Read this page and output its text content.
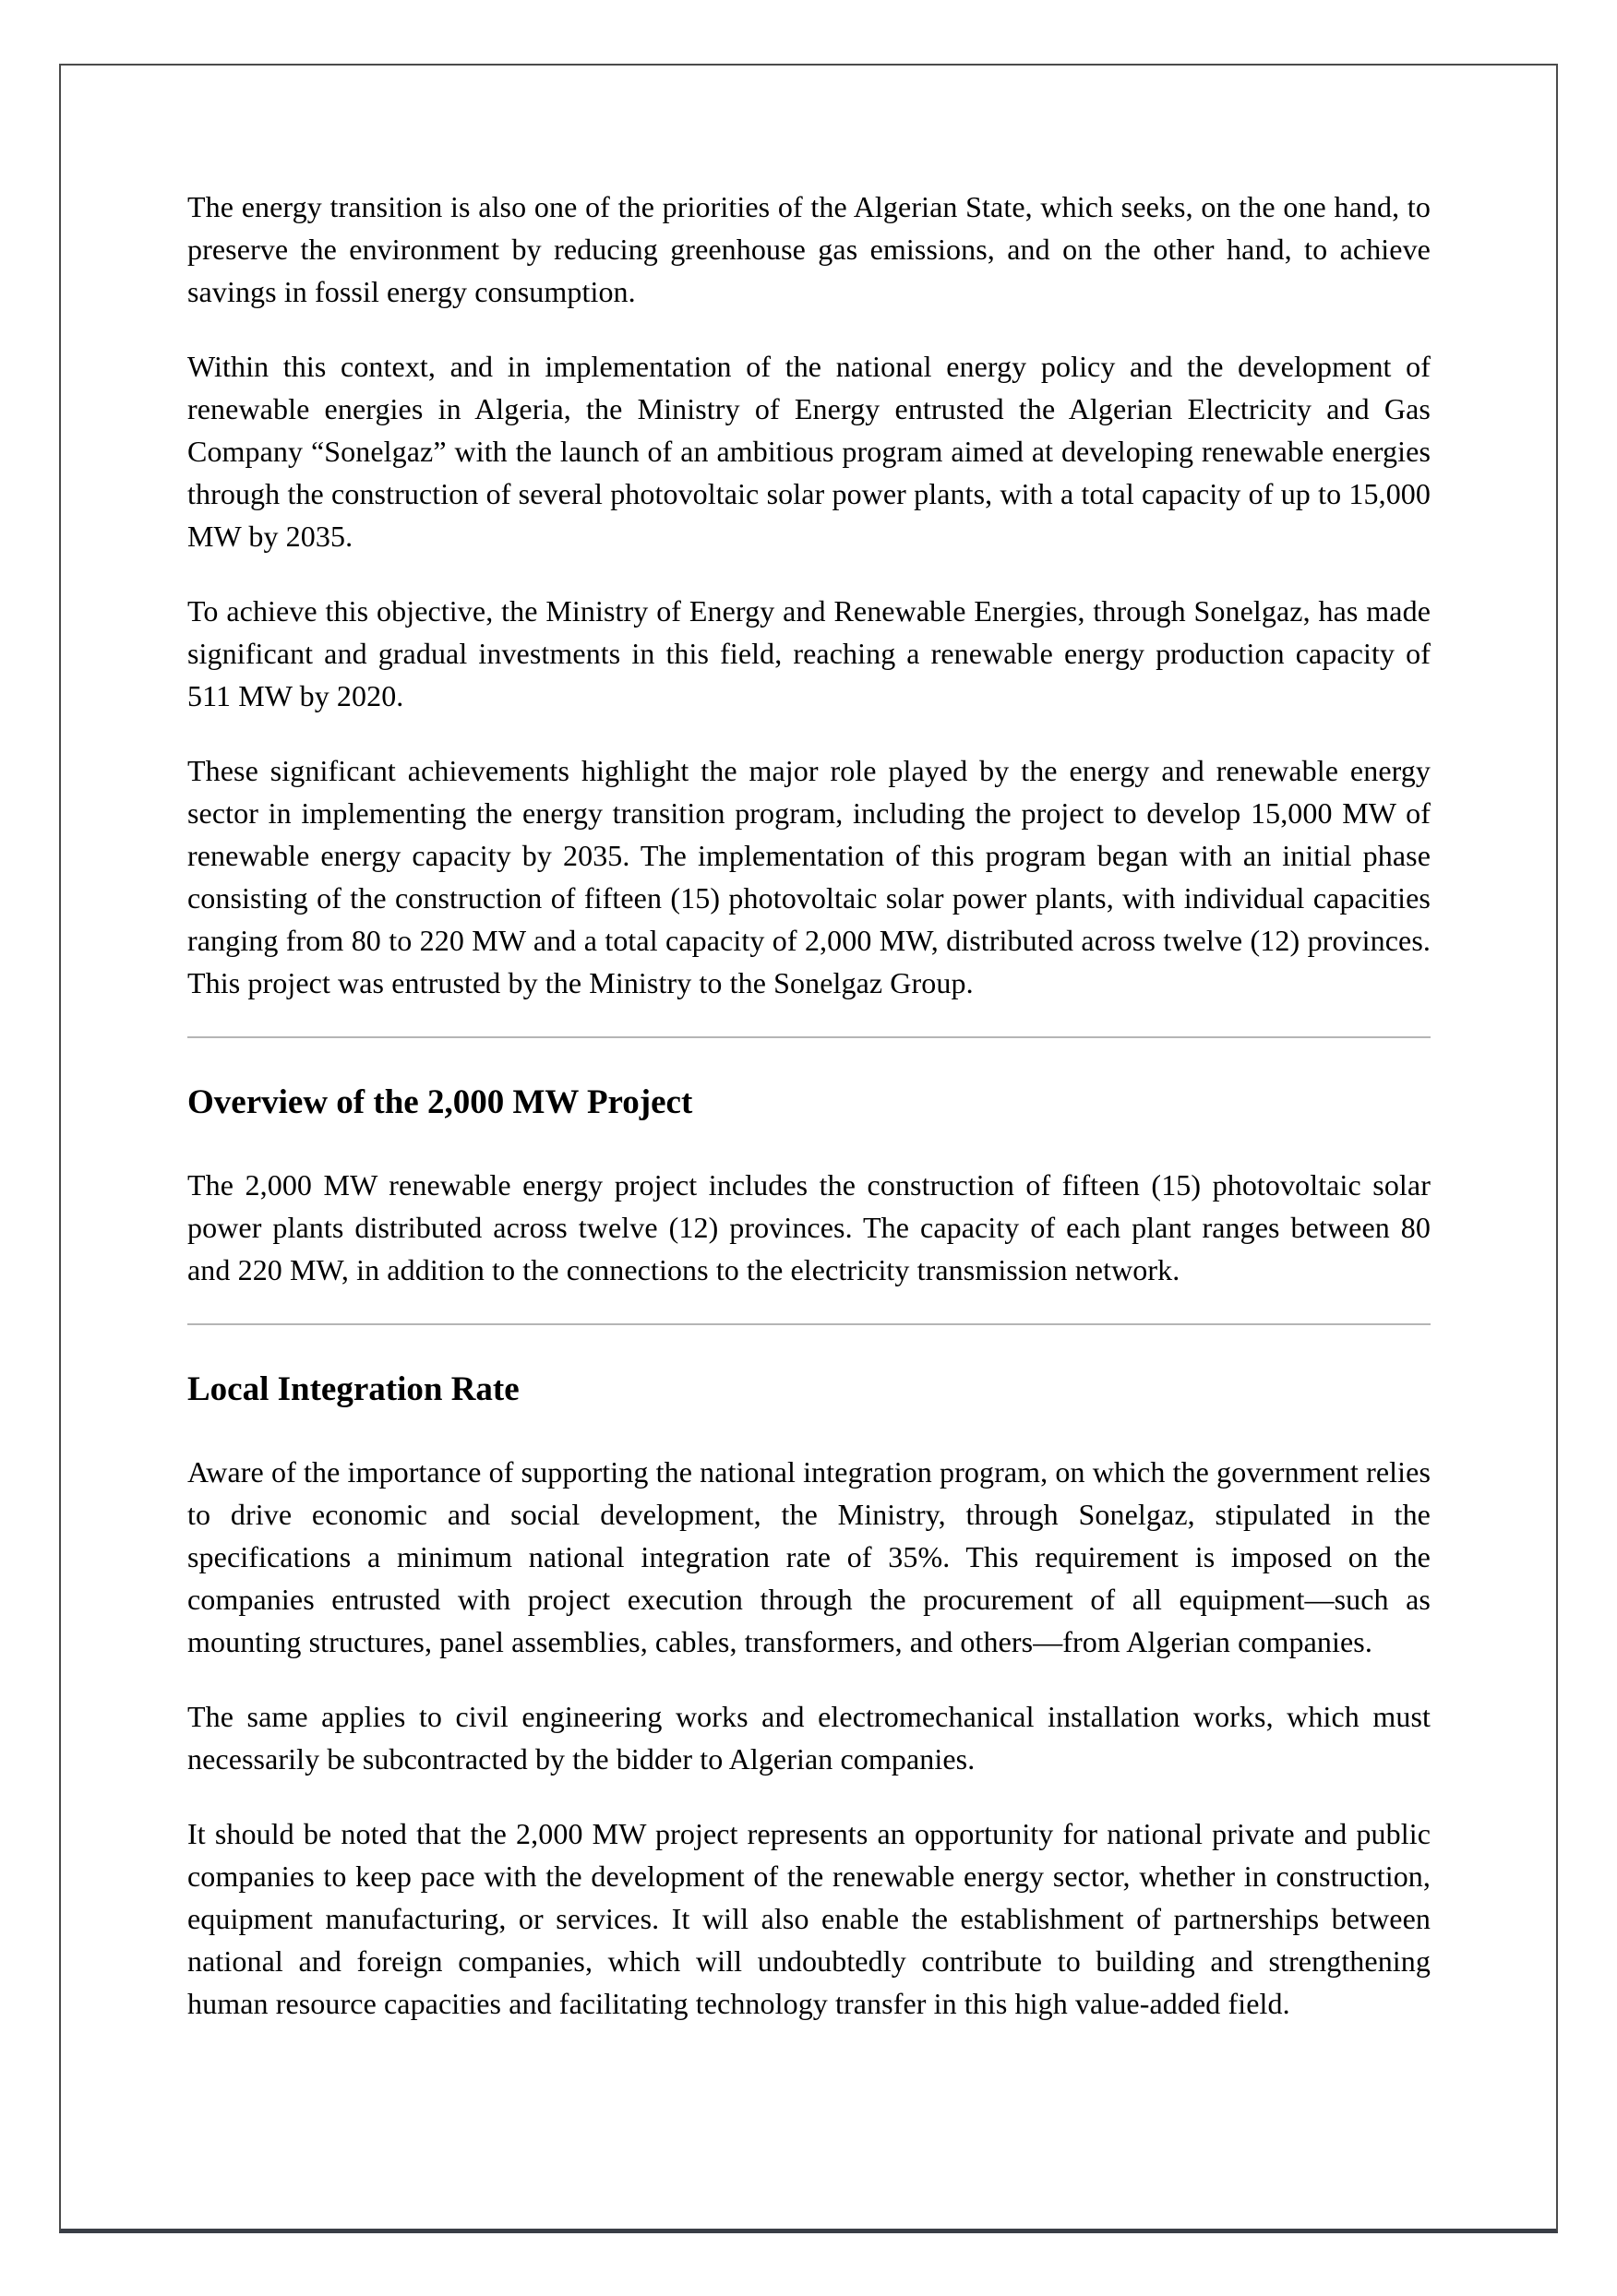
The energy transition is also one of the priorities of the Algerian State, which seeks, on the one hand, to preserve the environment by reducing greenhouse gas emissions, and on the other hand, to achieve savings in fossil energy consumption.

Within this context, and in implementation of the national energy policy and the development of renewable energies in Algeria, the Ministry of Energy entrusted the Algerian Electricity and Gas Company “Sonelgaz” with the launch of an ambitious program aimed at developing renewable energies through the construction of several photovoltaic solar power plants, with a total capacity of up to 15,000 MW by 2035.

To achieve this objective, the Ministry of Energy and Renewable Energies, through Sonelgaz, has made significant and gradual investments in this field, reaching a renewable energy production capacity of 511 MW by 2020.

These significant achievements highlight the major role played by the energy and renewable energy sector in implementing the energy transition program, including the project to develop 15,000 MW of renewable energy capacity by 2035. The implementation of this program began with an initial phase consisting of the construction of fifteen (15) photovoltaic solar power plants, with individual capacities ranging from 80 to 220 MW and a total capacity of 2,000 MW, distributed across twelve (12) provinces. This project was entrusted by the Ministry to the Sonelgaz Group.

Overview of the 2,000 MW Project

The 2,000 MW renewable energy project includes the construction of fifteen (15) photovoltaic solar power plants distributed across twelve (12) provinces. The capacity of each plant ranges between 80 and 220 MW, in addition to the connections to the electricity transmission network.

Local Integration Rate

Aware of the importance of supporting the national integration program, on which the government relies to drive economic and social development, the Ministry, through Sonelgaz, stipulated in the specifications a minimum national integration rate of 35%. This requirement is imposed on the companies entrusted with project execution through the procurement of all equipment—such as mounting structures, panel assemblies, cables, transformers, and others—from Algerian companies.

The same applies to civil engineering works and electromechanical installation works, which must necessarily be subcontracted by the bidder to Algerian companies.

It should be noted that the 2,000 MW project represents an opportunity for national private and public companies to keep pace with the development of the renewable energy sector, whether in construction, equipment manufacturing, or services. It will also enable the establishment of partnerships between national and foreign companies, which will undoubtedly contribute to building and strengthening human resource capacities and facilitating technology transfer in this high value-added field.
